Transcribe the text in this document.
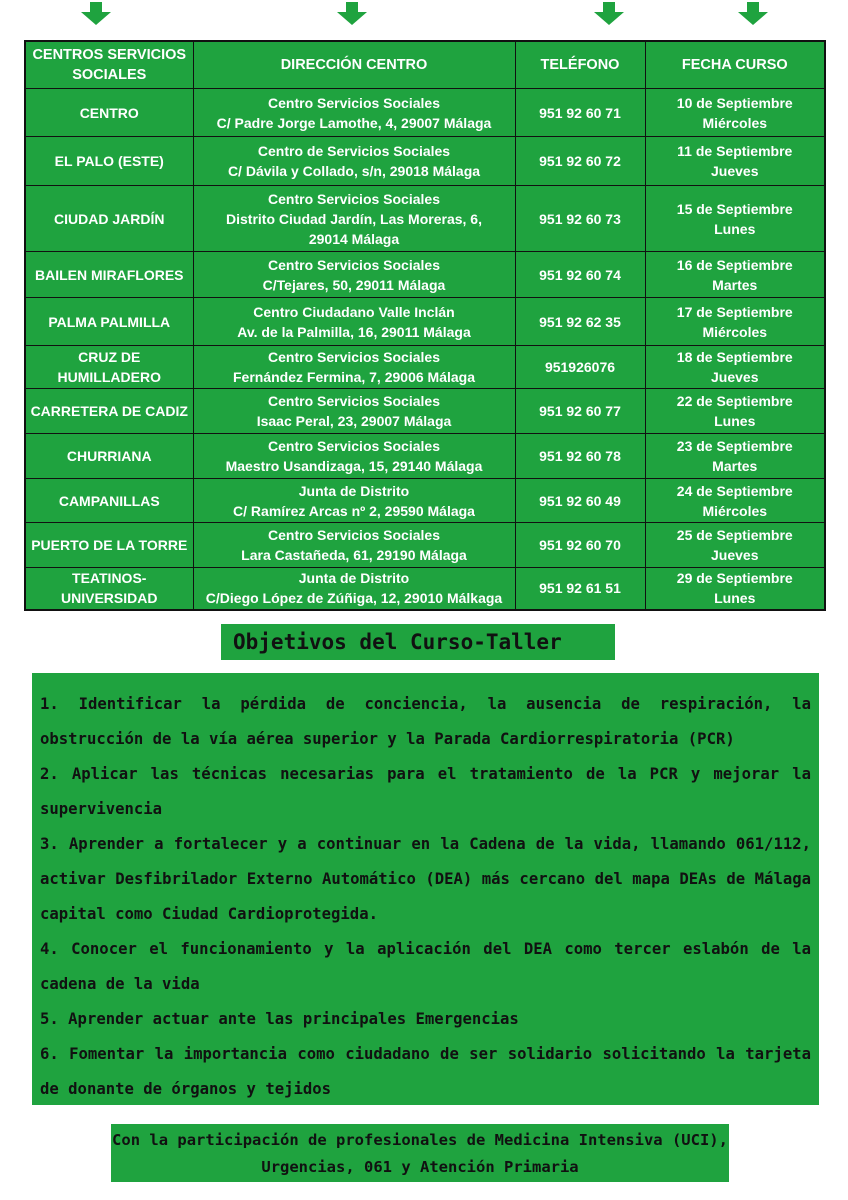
CENTROS SERVICIOS
SOCIALES	DIRECCIÓN CENTRO	TELÉFONO	FECHA CURSO

CENTRO	Centro Servicios Sociales
C/ Padre Jorge Lamothe, 4, 29007 Málaga	951 92 60 71	10 de Septiembre
Miércoles

EL PALO (ESTE)	Centro de Servicios Sociales
C/ Dávila y Collado, s/n, 29018 Málaga	951 92 60 72	11 de Septiembre
Jueves

CIUDAD JARDÍN	Centro Servicios Sociales
Distrito Ciudad Jardín, Las Moreras, 6,
29014 Málaga	951 92 60 73	15 de Septiembre
Lunes

BAILEN MIRAFLORES	Centro Servicios Sociales
C/Tejares, 50, 29011 Málaga	951 92 60 74	16 de Septiembre
Martes

PALMA PALMILLA	Centro Ciudadano Valle Inclán
Av. de la Palmilla, 16, 29011 Málaga	951 92 62 35	17 de Septiembre
Miércoles

CRUZ DE
HUMILLADERO	Centro Servicios Sociales
Fernández Fermina, 7, 29006 Málaga	951926076	18 de Septiembre
Jueves

CARRETERA DE CADIZ	Centro Servicios Sociales
Isaac Peral, 23, 29007 Málaga	951 92 60 77	22 de Septiembre
Lunes

CHURRIANA	Centro Servicios Sociales
Maestro Usandizaga, 15, 29140 Málaga	951 92 60 78	23 de Septiembre
Martes

CAMPANILLAS	Junta de Distrito
C/ Ramírez Arcas nº 2, 29590 Málaga	951 92 60 49	24 de Septiembre
Miércoles

PUERTO DE LA TORRE	Centro Servicios Sociales
Lara Castañeda, 61, 29190 Málaga	951 92 60 70	25 de Septiembre
Jueves

TEATINOS-
UNIVERSIDAD	Junta de Distrito
C/Diego López de Zúñiga, 12, 29010 Málkaga	951 92 61 51	29 de Septiembre
Lunes
Objetivos del Curso-Taller

1. Identificar la pérdida de conciencia, la ausencia de respiración, la obstrucción de la vía aérea superior y la Parada Cardiorrespiratoria (PCR)

2. Aplicar las técnicas necesarias para el tratamiento de la PCR y mejorar la supervivencia

3. Aprender a fortalecer y a continuar en la Cadena de la vida, llamando 061/112, activar Desfibrilador Externo Automático (DEA) más cercano del mapa DEAs de Málaga capital como Ciudad Cardioprotegida.

4. Conocer el funcionamiento y la aplicación del DEA como tercer eslabón de la cadena de la vida

5. Aprender actuar ante las principales Emergencias

6. Fomentar la importancia como ciudadano de ser solidario solicitando la tarjeta de donante de órganos y tejidos

Con la participación de profesionales de Medicina Intensiva (UCI),
Urgencias, 061 y Atención Primaria
